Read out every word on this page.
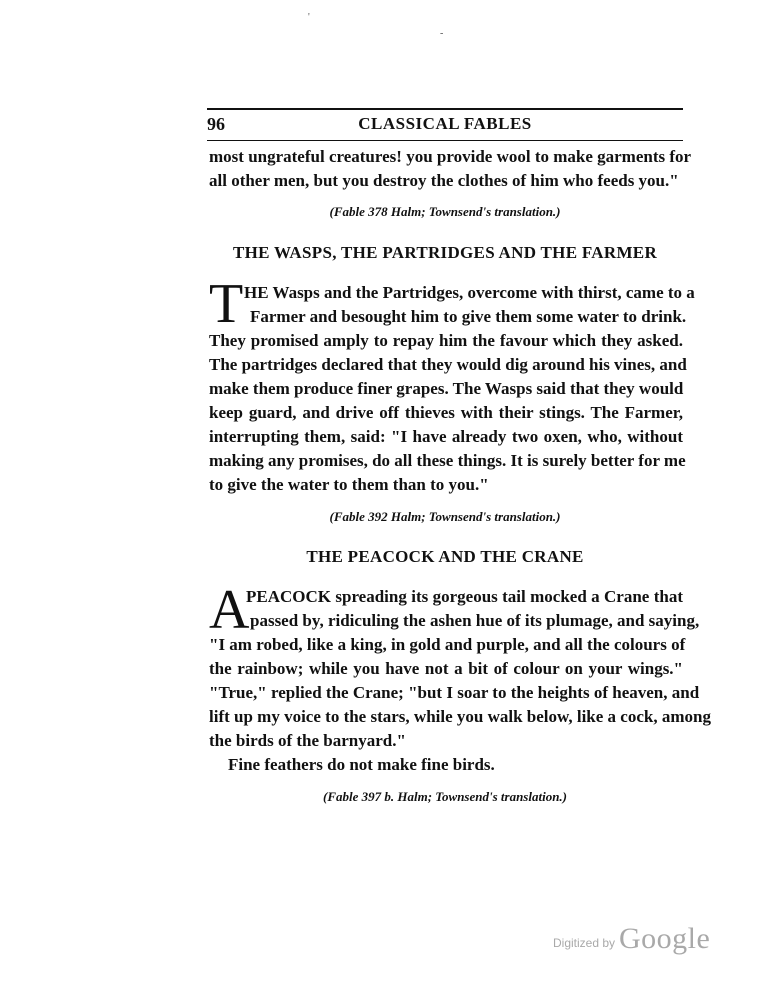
'
-
96	CLASSICAL FABLES
most ungrateful creatures! you provide wool to make garments for
all other men, but you destroy the clothes of him who feeds you."
(Fable 378 Halm; Townsend's translation.)
THE WASPS, THE PARTRIDGES AND THE FARMER
T HE Wasps and the Partridges, overcome with thirst, came to a
Farmer and besought him to give them some water to drink.
They promised amply to repay him the favour which they asked.
The partridges declared that they would dig around his vines, and
make them produce finer grapes. The Wasps said that they would
keep guard, and drive off thieves with their stings. The Farmer,
interrupting them, said: "I have already two oxen, who, without
making any promises, do all these things. It is surely better for me
to give the water to them than to you."
(Fable 392 Halm; Townsend's translation.)
THE PEACOCK AND THE CRANE
A
PEACOCK spreading its gorgeous tail mocked a Crane that
passed by, ridiculing the ashen hue of its plumage, and saying,
"I am robed, like a king, in gold and purple, and all the colours of
the rainbow; while you have not a bit of colour on your wings."
"True," replied the Crane; "but I soar to the heights of heaven, and
lift up my voice to the stars, while you walk below, like a cock, among
the birds of the barnyard."
Fine feathers do not make fine birds.
(Fable 397 b. Halm; Townsend's translation.)
Digitized by Google
